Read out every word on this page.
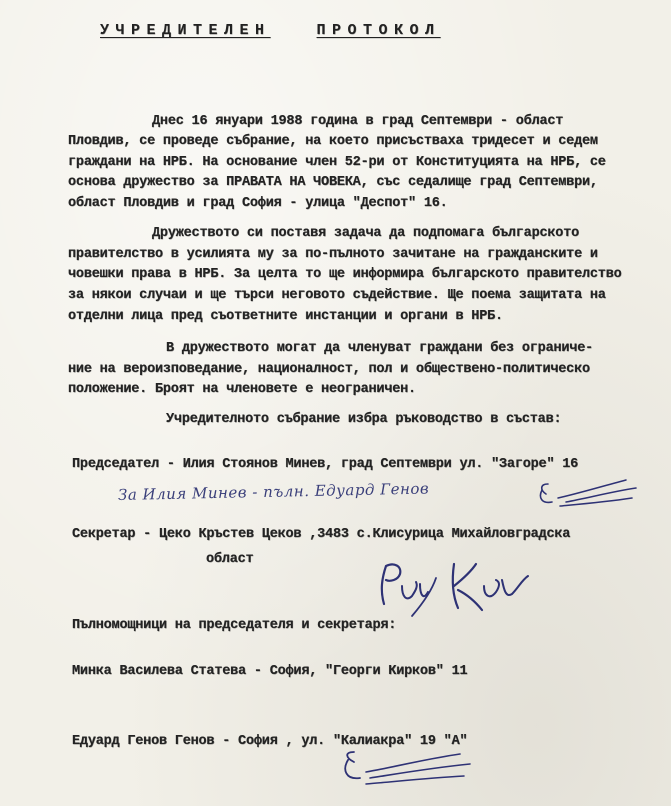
УЧРЕДИТЕЛЕН	ПРОТОКОЛ
Днес 16 януари 1988 година в град Септември - област
Пловдив, се проведе събрание, на което присъстваха тридесет и седем
граждани на НРБ. На основание член 52-ри от Конституцията на НРБ, се
основа дружество за ПРАВАТА НА ЧОВЕКА, със седалище град Септември,
област Пловдив и град София - улица "Деспот" 16.
Дружеството си поставя задача да подпомага българското
правителство в усилията му за по-пълното зачитане на гражданските и
човешки права в НРБ. За целта то ще информира българското правителство
за някои случаи и ще търси неговото съдействие. Ще поема защитата на
отделни лица пред съответните инстанции и органи в НРБ.
В дружеството могат да членуват граждани без ограниче-
ние на вероизповедание, националност, пол и обществено-политическо
положение. Броят на членовете е неограничен.
Учредителното събрание избра ръководство в състав:
Председател - Илия Стоянов Минев, град Септември ул. "Загоре" 16
За Илия Минев - пълн. Едуард Генов
Секретар - Цеко Кръстев Цеков ,3483 с.Клисурица Михайловградска
област
Пълномощници на председателя и секретаря:
Минка Василева Статева - София, "Георги Кирков" 11
Едуард Генов Генов - София , ул. "Калиакра" 19 "А"
